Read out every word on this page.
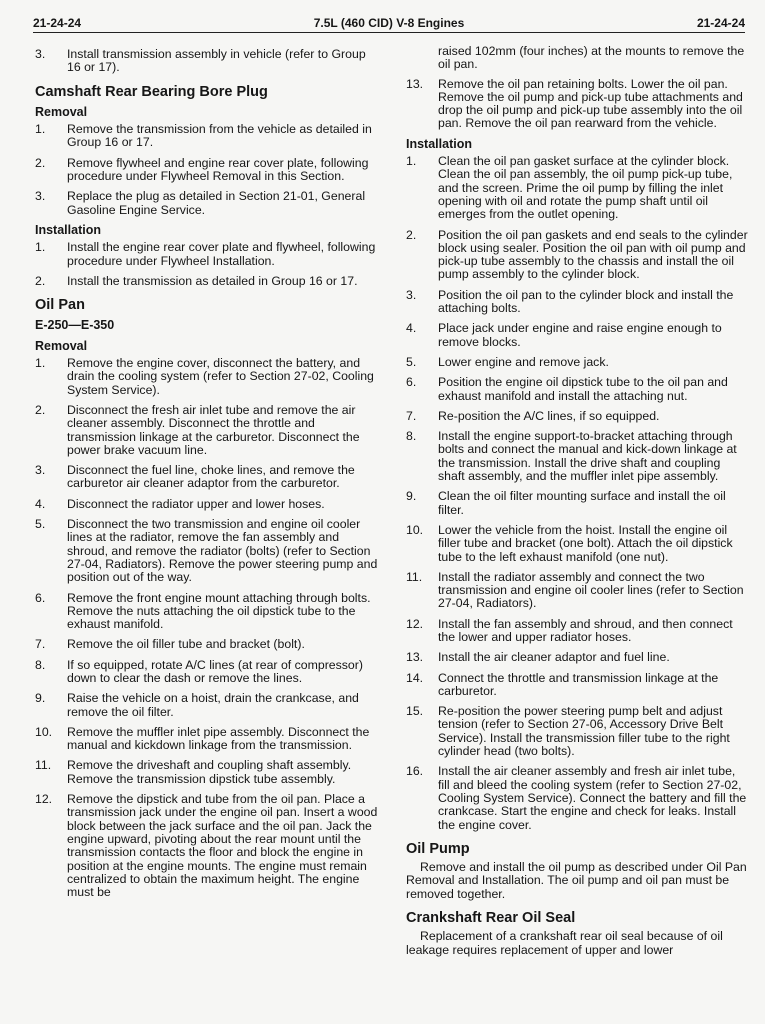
21-24-24	7.5L (460 CID) V-8 Engines	21-24-24
3.	Install transmission assembly in vehicle (refer to Group 16 or 17).
Camshaft Rear Bearing Bore Plug
Removal
1.	Remove the transmission from the vehicle as detailed in Group 16 or 17.
2.	Remove flywheel and engine rear cover plate, following procedure under Flywheel Removal in this Section.
3.	Replace the plug as detailed in Section 21-01, General Gasoline Engine Service.
Installation
1.	Install the engine rear cover plate and flywheel, following procedure under Flywheel Installation.
2.	Install the transmission as detailed in Group 16 or 17.
Oil Pan
E-250—E-350
Removal
1.	Remove the engine cover, disconnect the battery, and drain the cooling system (refer to Section 27-02, Cooling System Service).
2.	Disconnect the fresh air inlet tube and remove the air cleaner assembly. Disconnect the throttle and transmission linkage at the carburetor. Disconnect the power brake vacuum line.
3.	Disconnect the fuel line, choke lines, and remove the carburetor air cleaner adaptor from the carburetor.
4.	Disconnect the radiator upper and lower hoses.
5.	Disconnect the two transmission and engine oil cooler lines at the radiator, remove the fan assembly and shroud, and remove the radiator (bolts) (refer to Section 27-04, Radiators). Remove the power steering pump and position out of the way.
6.	Remove the front engine mount attaching through bolts. Remove the nuts attaching the oil dipstick tube to the exhaust manifold.
7.	Remove the oil filler tube and bracket (bolt).
8.	If so equipped, rotate A/C lines (at rear of compressor) down to clear the dash or remove the lines.
9.	Raise the vehicle on a hoist, drain the crankcase, and remove the oil filter.
10.	Remove the muffler inlet pipe assembly. Disconnect the manual and kickdown linkage from the transmission.
11.	Remove the driveshaft and coupling shaft assembly. Remove the transmission dipstick tube assembly.
12.	Remove the dipstick and tube from the oil pan. Place a transmission jack under the engine oil pan. Insert a wood block between the jack surface and the oil pan. Jack the engine upward, pivoting about the rear mount until the transmission contacts the floor and block the engine in position at the engine mounts. The engine must remain centralized to obtain the maximum height. The engine must be

raised 102mm (four inches) at the mounts to remove the oil pan.

13.	Remove the oil pan retaining bolts. Lower the oil pan. Remove the oil pump and pick-up tube attachments and drop the oil pump and pick-up tube assembly into the oil pan. Remove the oil pan rearward from the vehicle.
Installation
1.	Clean the oil pan gasket surface at the cylinder block. Clean the oil pan assembly, the oil pump pick-up tube, and the screen. Prime the oil pump by filling the inlet opening with oil and rotate the pump shaft until oil emerges from the outlet opening.
2.	Position the oil pan gaskets and end seals to the cylinder block using sealer. Position the oil pan with oil pump and pick-up tube assembly to the chassis and install the oil pump assembly to the cylinder block.
3.	Position the oil pan to the cylinder block and install the attaching bolts.
4.	Place jack under engine and raise engine enough to remove blocks.
5.	Lower engine and remove jack.
6.	Position the engine oil dipstick tube to the oil pan and exhaust manifold and install the attaching nut.
7.	Re-position the A/C lines, if so equipped.
8.	Install the engine support-to-bracket attaching through bolts and connect the manual and kick-down linkage at the transmission. Install the drive shaft and coupling shaft assembly, and the muffler inlet pipe assembly.
9.	Clean the oil filter mounting surface and install the oil filter.
10.	Lower the vehicle from the hoist. Install the engine oil filler tube and bracket (one bolt). Attach the oil dipstick tube to the left exhaust manifold (one nut).
11.	Install the radiator assembly and connect the two transmission and engine oil cooler lines (refer to Section 27-04, Radiators).
12.	Install the fan assembly and shroud, and then connect the lower and upper radiator hoses.
13.	Install the air cleaner adaptor and fuel line.
14.	Connect the throttle and transmission linkage at the carburetor.
15.	Re-position the power steering pump belt and adjust tension (refer to Section 27-06, Accessory Drive Belt Service). Install the transmission filler tube to the right cylinder head (two bolts).
16.	Install the air cleaner assembly and fresh air inlet tube, fill and bleed the cooling system (refer to Section 27-02, Cooling System Service). Connect the battery and fill the crankcase. Start the engine and check for leaks. Install the engine cover.
Oil Pump

Remove and install the oil pump as described under Oil Pan Removal and Installation. The oil pump and oil pan must be removed together.

Crankshaft Rear Oil Seal

Replacement of a crankshaft rear oil seal because of oil leakage requires replacement of upper and lower
